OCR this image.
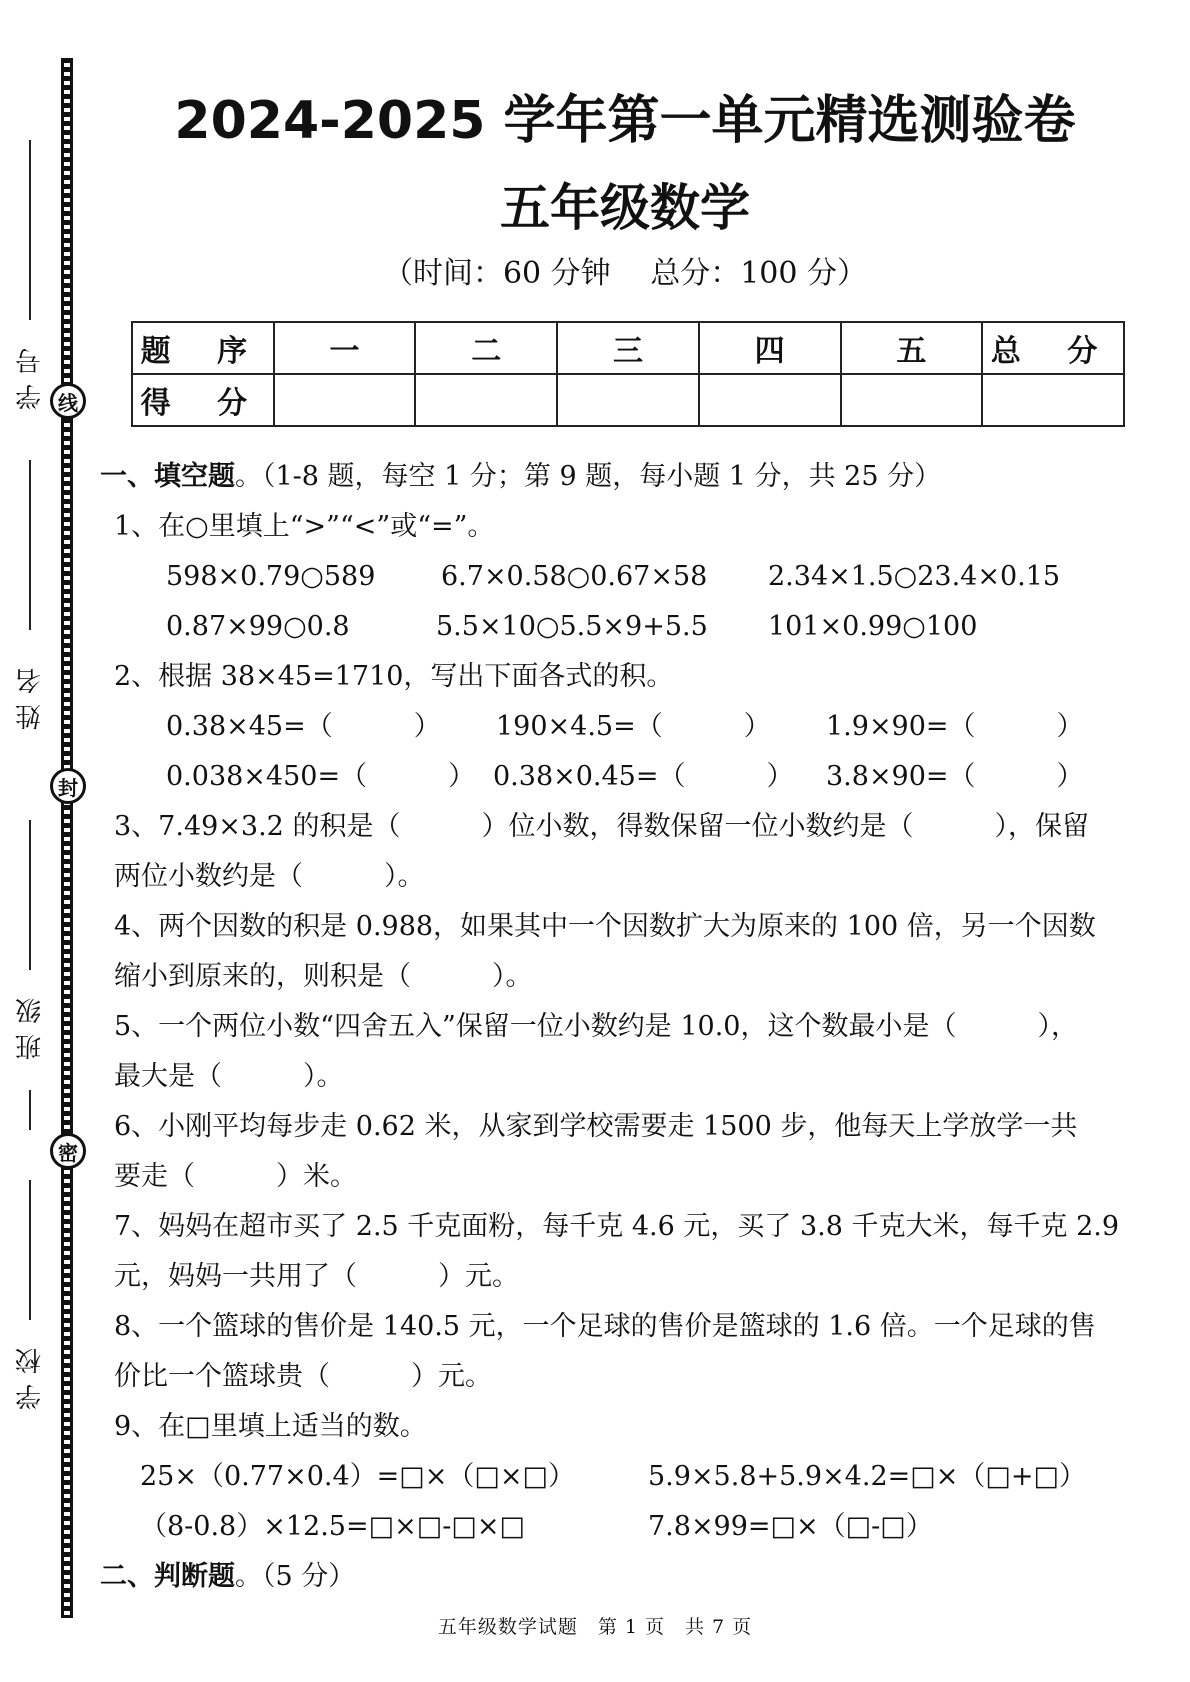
学号 线
姓名
封
班级
密
学校
2024-2025 学年第一单元精选测验卷
五年级数学
（时间：60 分钟　 总分：100 分）
题 序	一	二	三	四	五	总 分
得 分						
一、填空题。（1-8 题，每空 1 分；第 9 题，每小题 1 分，共 25 分）

1、在○里填上“>”“<”或“=”。

598×0.79○589	6.7×0.58○0.67×58	2.34×1.5○23.4×0.15
0.87×99○0.8	5.5×10○5.5×9+5.5	101×0.99○100

2、根据 38×45=1710，写出下面各式的积。

0.38×45=（　　　）	190×4.5=（　　　）	1.9×90=（　　　）
0.038×450=（　　　） 0.38×0.45=（　　　）	3.8×90=（　　　）

3、7.49×3.2 的积是（　　　）位小数，得数保留一位小数约是（　　　），保留

两位小数约是（　　　）。

4、两个因数的积是 0.988，如果其中一个因数扩大为原来的 100 倍，另一个因数

缩小到原来的，则积是（　　　）。

5、一个两位小数“四舍五入”保留一位小数约是 10.0，这个数最小是（　　　），

最大是（　　　）。

6、小刚平均每步走 0.62 米，从家到学校需要走 1500 步，他每天上学放学一共

要走（　　　）米。

7、妈妈在超市买了 2.5 千克面粉，每千克 4.6 元，买了 3.8 千克大米，每千克 2.9

元，妈妈一共用了（　　　）元。

8、一个篮球的售价是 140.5 元，一个足球的售价是篮球的 1.6 倍。一个足球的售

价比一个篮球贵（　　　）元。

9、在□里填上适当的数。

25×（0.77×0.4）=□×（□×□）	5.9×5.8+5.9×4.2=□×（□+□）
（8-0.8）×12.5=□×□-□×□	7.8×99=□×（□-□）
二、判断题。（5 分）
五年级数学试题　第 1 页　共 7 页
